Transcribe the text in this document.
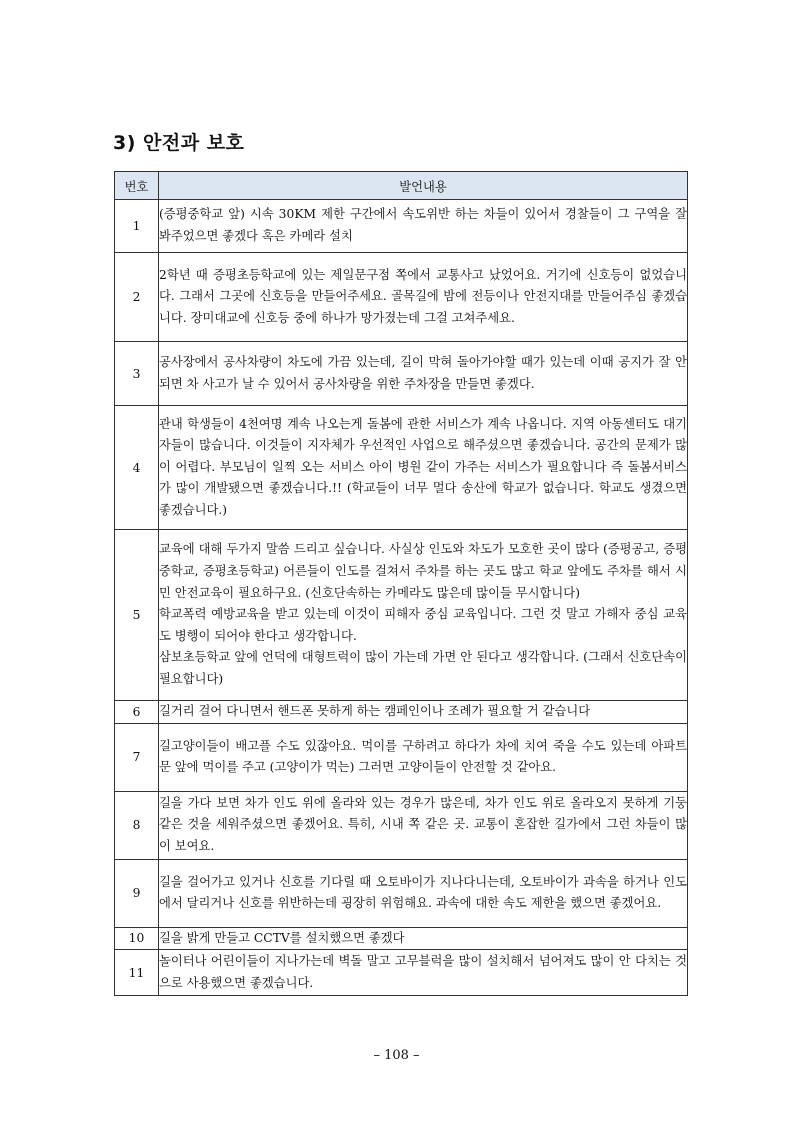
3) 안전과 보호
번호	발언내용
1	(증평중학교 앞) 시속 30KM 제한 구간에서 속도위반 하는 차들이 있어서 경찰들이 그 구역을 잘 봐주었으면 좋겠다 혹은 카메라 설치

2	2학년 때 증평초등학교에 있는 제일문구점 쪽에서 교통사고 났었어요. 거기에 신호등이 없었습니다. 그래서 그곳에 신호등을 만들어주세요. 골목길에 밤에 전등이나 안전지대를 만들어주심 좋겠습니다. 장미대교에 신호등 중에 하나가 망가졌는데 그걸 고쳐주세요.

3	공사장에서 공사차량이 차도에 가끔 있는데, 길이 막혀 돌아가야할 때가 있는데 이때 공지가 잘 안되면 차 사고가 날 수 있어서 공사차량을 위한 주차장을 만들면 좋겠다.

4	관내 학생들이 4천여명 계속 나오는게 돌봄에 관한 서비스가 계속 나옵니다. 지역 아동센터도 대기자들이 많습니다. 이것들이 지자체가 우선적인 사업으로 해주셨으면 좋겠습니다. 공간의 문제가 많이 어렵다. 부모님이 일찍 오는 서비스 아이 병원 같이 가주는 서비스가 필요합니다 즉 돌봄서비스가 많이 개발됐으면 좋겠습니다.!! (학교들이 너무 멀다 송산에 학교가 없습니다. 학교도 생겼으면 좋겠습니다.)

5	교육에 대해 두가지 말씀 드리고 싶습니다. 사실상 인도와 차도가 모호한 곳이 많다 (증평공고, 증평중학교, 증평초등학교) 어른들이 인도를 걸쳐서 주차를 하는 곳도 많고 학교 앞에도 주차를 해서 시민 안전교육이 필요하구요. (신호단속하는 카메라도 많은데 많이들 무시합니다)

학교폭력 예방교육을 받고 있는데 이것이 피해자 중심 교육입니다. 그런 것 말고 가해자 중심 교육도 병행이 되어야 한다고 생각합니다.

삼보초등학교 앞에 언덕에 대형트럭이 많이 가는데 가면 안 된다고 생각합니다. (그래서 신호단속이 필요합니다)

6	길거리 걸어 다니면서 핸드폰 못하게 하는 캠페인이나 조례가 필요할 거 같습니다

7	길고양이들이 배고플 수도 있잖아요. 먹이를 구하려고 하다가 차에 치여 죽을 수도 있는데 아파트 문 앞에 먹이를 주고 (고양이가 먹는) 그러면 고양이들이 안전할 것 같아요.

8	길을 가다 보면 차가 인도 위에 올라와 있는 경우가 많은데, 차가 인도 위로 올라오지 못하게 기둥 같은 것을 세워주셨으면 좋겠어요. 특히, 시내 쪽 같은 곳. 교통이 혼잡한 길가에서 그런 차들이 많이 보여요.

9	길을 걸어가고 있거나 신호를 기다릴 때 오토바이가 지나다니는데, 오토바이가 과속을 하거나 인도에서 달리거나 신호를 위반하는데 굉장히 위험해요. 과속에 대한 속도 제한을 했으면 좋겠어요.

10	길을 밝게 만들고 CCTV를 설치했으면 좋겠다

11	놀이터나 어린이들이 지나가는데 벽돌 말고 고무블럭을 많이 설치해서 넘어져도 많이 안 다치는 것으로 사용했으면 좋겠습니다.

– 108 –
